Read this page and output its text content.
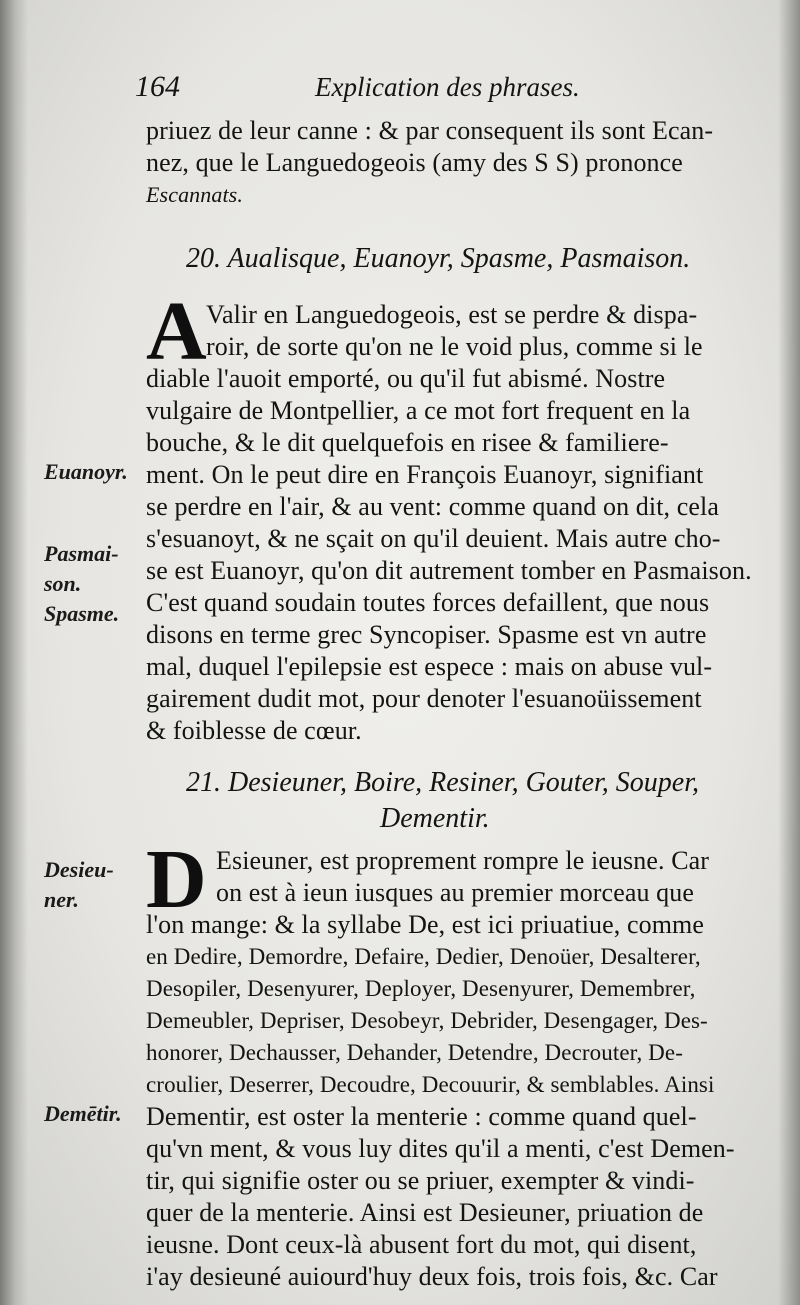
164	Explication des phrases.
priuez de leur canne : & par consequent ils sont Ecan-
nez, que le Languedogeois (amy des S S) prononce
Escannats.
20. Aualisque, Euanoyr, Spasme, Pasmaison.
A Valir en Languedogeois, est se perdre & dispa-
roir, de sorte qu'on ne le void plus, comme si le
diable l'auoit emporté, ou qu'il fut abismé. Nostre
vulgaire de Montpellier, a ce mot fort frequent en la
bouche, & le dit quelquefois en risee & familiere-
ment. On le peut dire en François Euanoyr, signifiant
se perdre en l'air, & au vent: comme quand on dit, cela
s'esuanoyt, & ne sçait on qu'il deuient. Mais autre cho-
se est Euanoyr, qu'on dit autrement tomber en Pasmaison.
C'est quand soudain toutes forces defaillent, que nous
disons en terme grec Syncopiser. Spasme est vn autre
mal, duquel l'epilepsie est espece : mais on abuse vul-
gairement dudit mot, pour denoter l'esuanoüissement
& foiblesse de cœur.
Euanoyr.
Pasmai-
son.
Spasme.
21. Desieuner, Boire, Resiner, Gouter, Souper,
Dementir.
D Esieuner, est proprement rompre le ieusne. Car
on est à ieun iusques au premier morceau que
l'on mange: & la syllabe De, est ici priuatiue, comme
en Dedire, Demordre, Defaire, Dedier, Denoüer, Desalterer,
Desopiler, Desenyurer, Deployer, Desenyurer, Demembrer,
Demeubler, Depriser, Desobeyr, Debrider, Desengager, Des-
honorer, Dechausser, Dehander, Detendre, Decrouter, De-
croulier, Deserrer, Decoudre, Decouurir, & semblables. Ainsi
Dementir, est oster la menterie : comme quand quel-
qu'vn ment, & vous luy dites qu'il a menti, c'est Demen-
tir, qui signifie oster ou se priuer, exempter & vindi-
quer de la menterie. Ainsi est Desieuner, priuation de
ieusne. Dont ceux-là abusent fort du mot, qui disent,
i'ay desieuné auiourd'huy deux fois, trois fois, &c. Car
Desieu-
ner.
Demētir.
